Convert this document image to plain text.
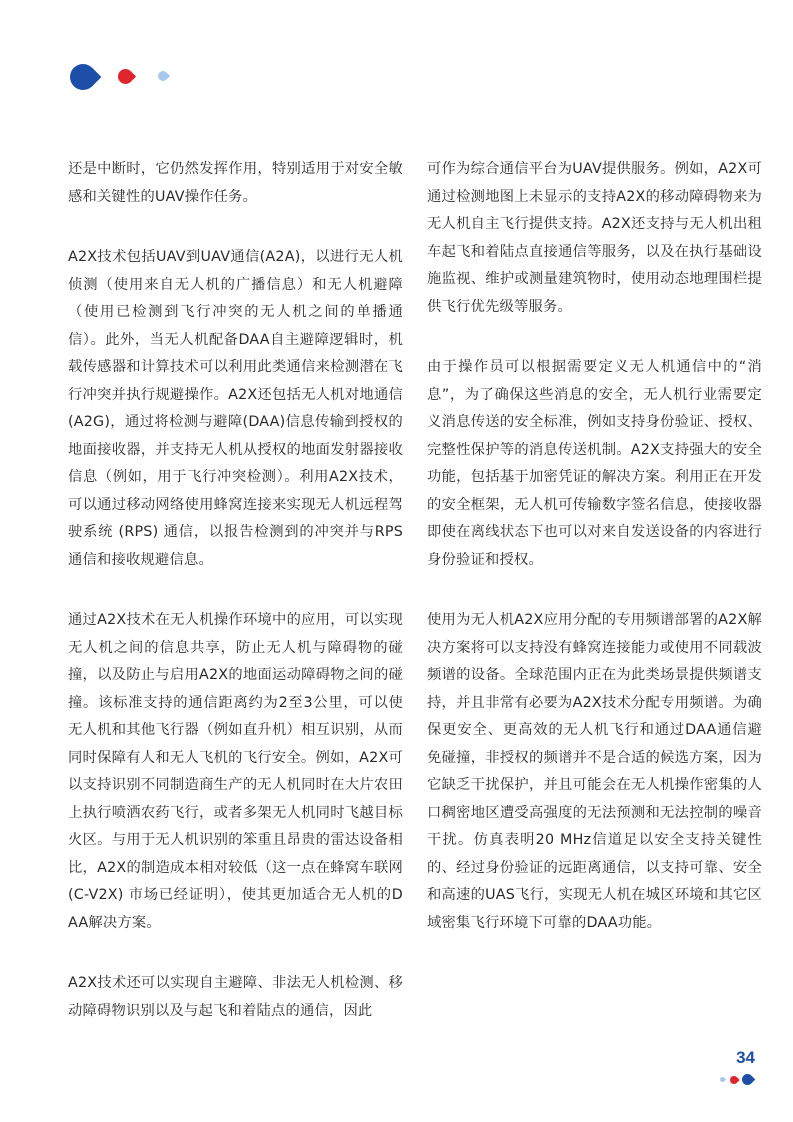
还是中断时，它仍然发挥作用，特别适用于对安全敏感和关键性的UAV操作任务。

A2X技术包括UAV到UAV通信(A2A)，以进行无人机侦测（使用来自无人机的广播信息）和无人机避障（使用已检测到飞行冲突的无人机之间的单播通信）。此外，当无人机配备DAA自主避障逻辑时，机载传感器和计算技术可以利用此类通信来检测潜在飞行冲突并执行规避操作。A2X还包括无人机对地通信 (A2G)，通过将检测与避障(DAA)信息传输到授权的地面接收器，并支持无人机从授权的地面发射器接收信息（例如，用于飞行冲突检测）。利用A2X技术，可以通过移动网络使用蜂窝连接来实现无人机远程驾驶系统 (RPS) 通信，以报告检测到的冲突并与RPS通信和接收规避信息。

通过A2X技术在无人机操作环境中的应用，可以实现无人机之间的信息共享，防止无人机与障碍物的碰撞，以及防止与启用A2X的地面运动障碍物之间的碰撞。该标准支持的通信距离约为2至3公里，可以使无人机和其他飞行器（例如直升机）相互识别，从而同时保障有人和无人飞机的飞行安全。例如，A2X可以支持识别不同制造商生产的无人机同时在大片农田上执行喷洒农药飞行，或者多架无人机同时飞越目标火区。与用于无人机识别的笨重且昂贵的雷达设备相比，A2X的制造成本相对较低（这一点在蜂窝车联网 (C-V2X) 市场已经证明），使其更加适合无人机的DAA解决方案。

A2X技术还可以实现自主避障、非法无人机检测、移动障碍物识别以及与起飞和着陆点的通信，因此

可作为综合通信平台为UAV提供服务。例如，A2X可通过检测地图上未显示的支持A2X的移动障碍物来为无人机自主飞行提供支持。A2X还支持与无人机出租车起飞和着陆点直接通信等服务，以及在执行基础设施监视、维护或测量建筑物时，使用动态地理围栏提供飞行优先级等服务。

由于操作员可以根据需要定义无人机通信中的“消息”，为了确保这些消息的安全，无人机行业需要定义消息传送的安全标准，例如支持身份验证、授权、完整性保护等的消息传送机制。A2X支持强大的安全功能，包括基于加密凭证的解决方案。利用正在开发的安全框架，无人机可传输数字签名信息，使接收器即使在离线状态下也可以对来自发送设备的内容进行身份验证和授权。

使用为无人机A2X应用分配的专用频谱部署的A2X解决方案将可以支持没有蜂窝连接能力或使用不同载波频谱的设备。全球范围内正在为此类场景提供频谱支持，并且非常有必要为A2X技术分配专用频谱。为确保更安全、更高效的无人机飞行和通过DAA通信避免碰撞，非授权的频谱并不是合适的候选方案，因为它缺乏干扰保护，并且可能会在无人机操作密集的人口稠密地区遭受高强度的无法预测和无法控制的噪音干扰。仿真表明20 MHz信道足以安全支持关键性的、经过身份验证的远距离通信，以支持可靠、安全和高速的UAS飞行，实现无人机在城区环境和其它区域密集飞行环境下可靠的DAA功能。

34
